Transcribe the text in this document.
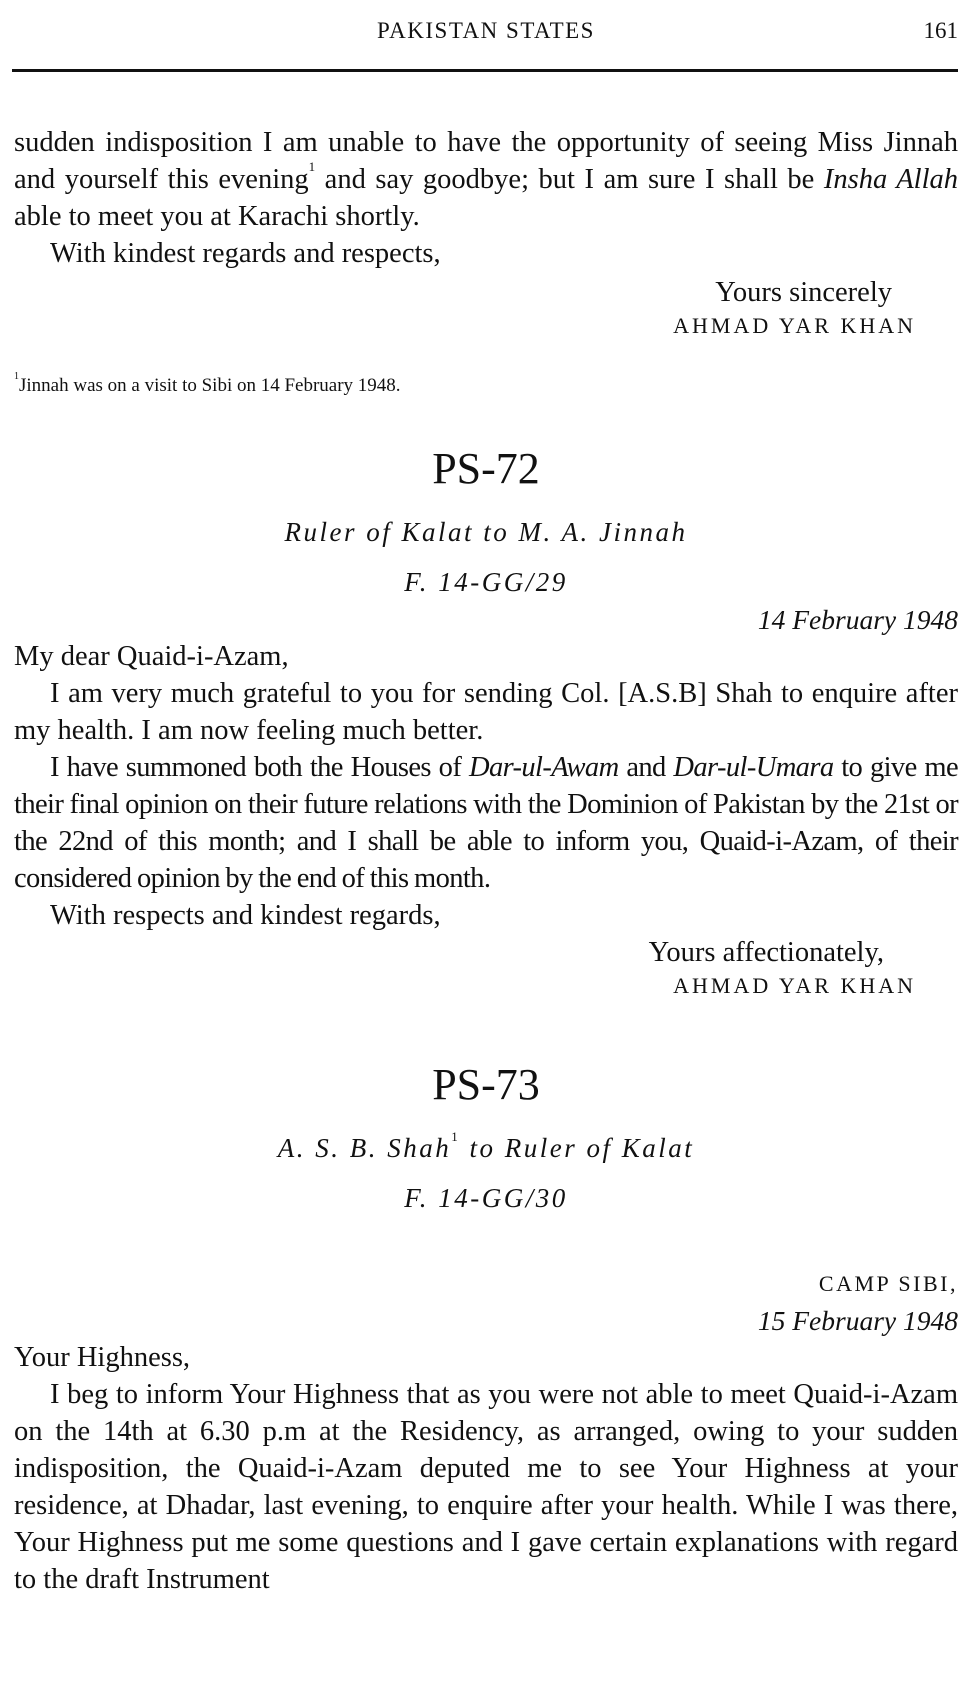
PAKISTAN STATES	161

sudden indisposition I am unable to have the opportunity of seeing Miss Jinnah and yourself this evening$^1$ and say goodbye; but I am sure I shall be Insha Allah able to meet you at Karachi shortly.

With kindest regards and respects,

Yours sincerely

AHMAD YAR KHAN

$^1$Jinnah was on a visit to Sibi on 14 February 1948.

PS-72

Ruler of Kalat to M. A. Jinnah

F. 14-GG/29

14 February 1948

My dear Quaid-i-Azam,

I am very much grateful to you for sending Col. [A.S.B] Shah to enquire after my health. I am now feeling much better.

I have summoned both the Houses of Dar-ul-Awam and Dar-ul-Umara to give me their final opinion on their future relations with the Dominion of Pakistan by the 21st or the 22nd of this month; and I shall be able to inform you, Quaid-i-Azam, of their considered opinion by the end of this month.

With respects and kindest regards,

Yours affectionately,

AHMAD YAR KHAN

PS-73

A. S. B. Shah$^1$ to Ruler of Kalat

F. 14-GG/30

CAMP SIBI,

15 February 1948

Your Highness,

I beg to inform Your Highness that as you were not able to meet Quaid-i-Azam on the 14th at 6.30 p.m at the Residency, as arranged, owing to your sudden indisposition, the Quaid-i-Azam deputed me to see Your Highness at your residence, at Dhadar, last evening, to enquire after your health. While I was there, Your Highness put me some questions and I gave certain explanations with regard to the draft Instrument
